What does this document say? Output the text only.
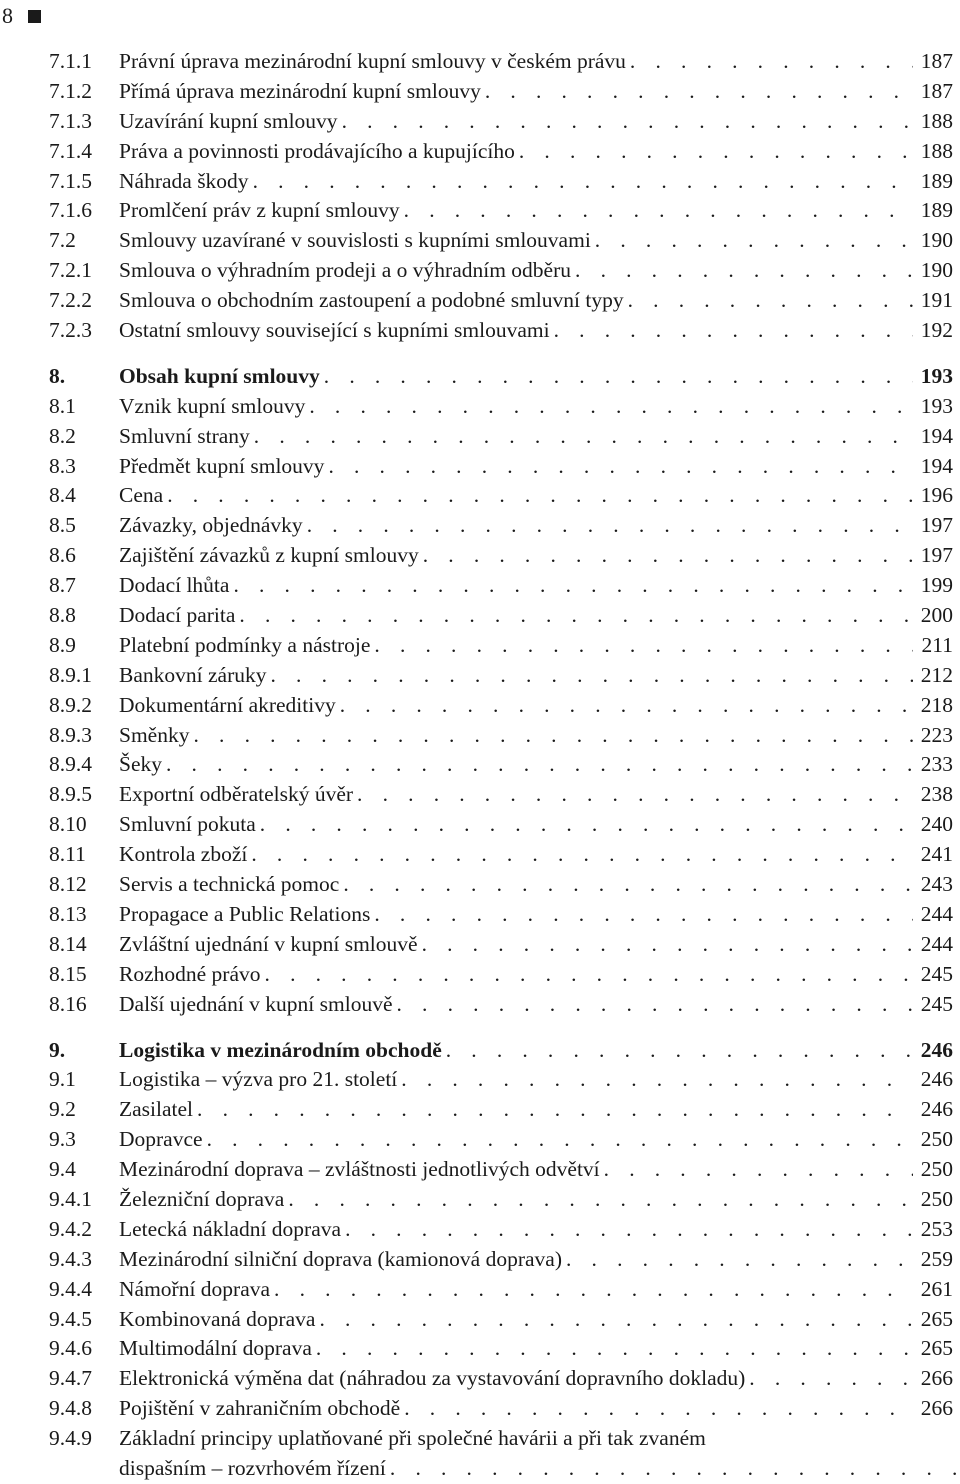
8
7.1.1	Právní úprava mezinárodní kupní smlouvy v českém právu . . .	187
7.1.2	Přímá úprava mezinárodní kupní smlouvy . . .	187
7.1.3	Uzavírání kupní smlouvy . . .	188
7.1.4	Práva a povinnosti prodávajícího a kupujícího . . .	188
7.1.5	Náhrada škody . . .	189
7.1.6	Promlčení práv z kupní smlouvy . . .	189
7.2	Smlouvy uzavírané v souvislosti s kupními smlouvami . . .	190
7.2.1	Smlouva o výhradním prodeji a o výhradním odběru . . .	190
7.2.2	Smlouva o obchodním zastoupení a podobné smluvní typy . . .	191
7.2.3	Ostatní smlouvy související s kupními smlouvami . . .	192
8.	Obsah kupní smlouvy . . .	193
8.1	Vznik kupní smlouvy . . .	193
8.2	Smluvní strany . . .	194
8.3	Předmět kupní smlouvy . . .	194
8.4	Cena . . .	196
8.5	Závazky, objednávky . . .	197
8.6	Zajištění závazků z kupní smlouvy . . .	197
8.7	Dodací lhůta . . .	199
8.8	Dodací parita . . .	200
8.9	Platební podmínky a nástroje . . .	211
8.9.1	Bankovní záruky . . .	212
8.9.2	Dokumentární akreditivy . . .	218
8.9.3	Směnky . . .	223
8.9.4	Šeky . . .	233
8.9.5	Exportní odběratelský úvěr . . .	238
8.10	Smluvní pokuta . . .	240
8.11	Kontrola zboží . . .	241
8.12	Servis a technická pomoc . . .	243
8.13	Propagace a Public Relations . . .	244
8.14	Zvláštní ujednání v kupní smlouvě . . .	244
8.15	Rozhodné právo . . .	245
8.16	Další ujednání v kupní smlouvě . . .	245
9.	Logistika v mezinárodním obchodě . . .	246
9.1	Logistika – výzva pro 21. století . . .	246
9.2	Zasilatel . . .	246
9.3	Dopravce . . .	250
9.4	Mezinárodní doprava – zvláštnosti jednotlivých odvětví . . .	250
9.4.1	Železniční doprava . . .	250
9.4.2	Letecká nákladní doprava . . .	253
9.4.3	Mezinárodní silniční doprava (kamionová doprava) . . .	259
9.4.4	Námořní doprava . . .	261
9.4.5	Kombinovaná doprava . . .	265
9.4.6	Multimodální doprava . . .	265
9.4.7	Elektronická výměna dat (náhradou za vystavování dopravního dokladu) . . .	266
9.4.8	Pojištění v zahraničním obchodě . . .	266
9.4.9	Základní principy uplatňované při společné havárii a při tak zvaném
dispašním – rozvrhovém řízení
. . .
